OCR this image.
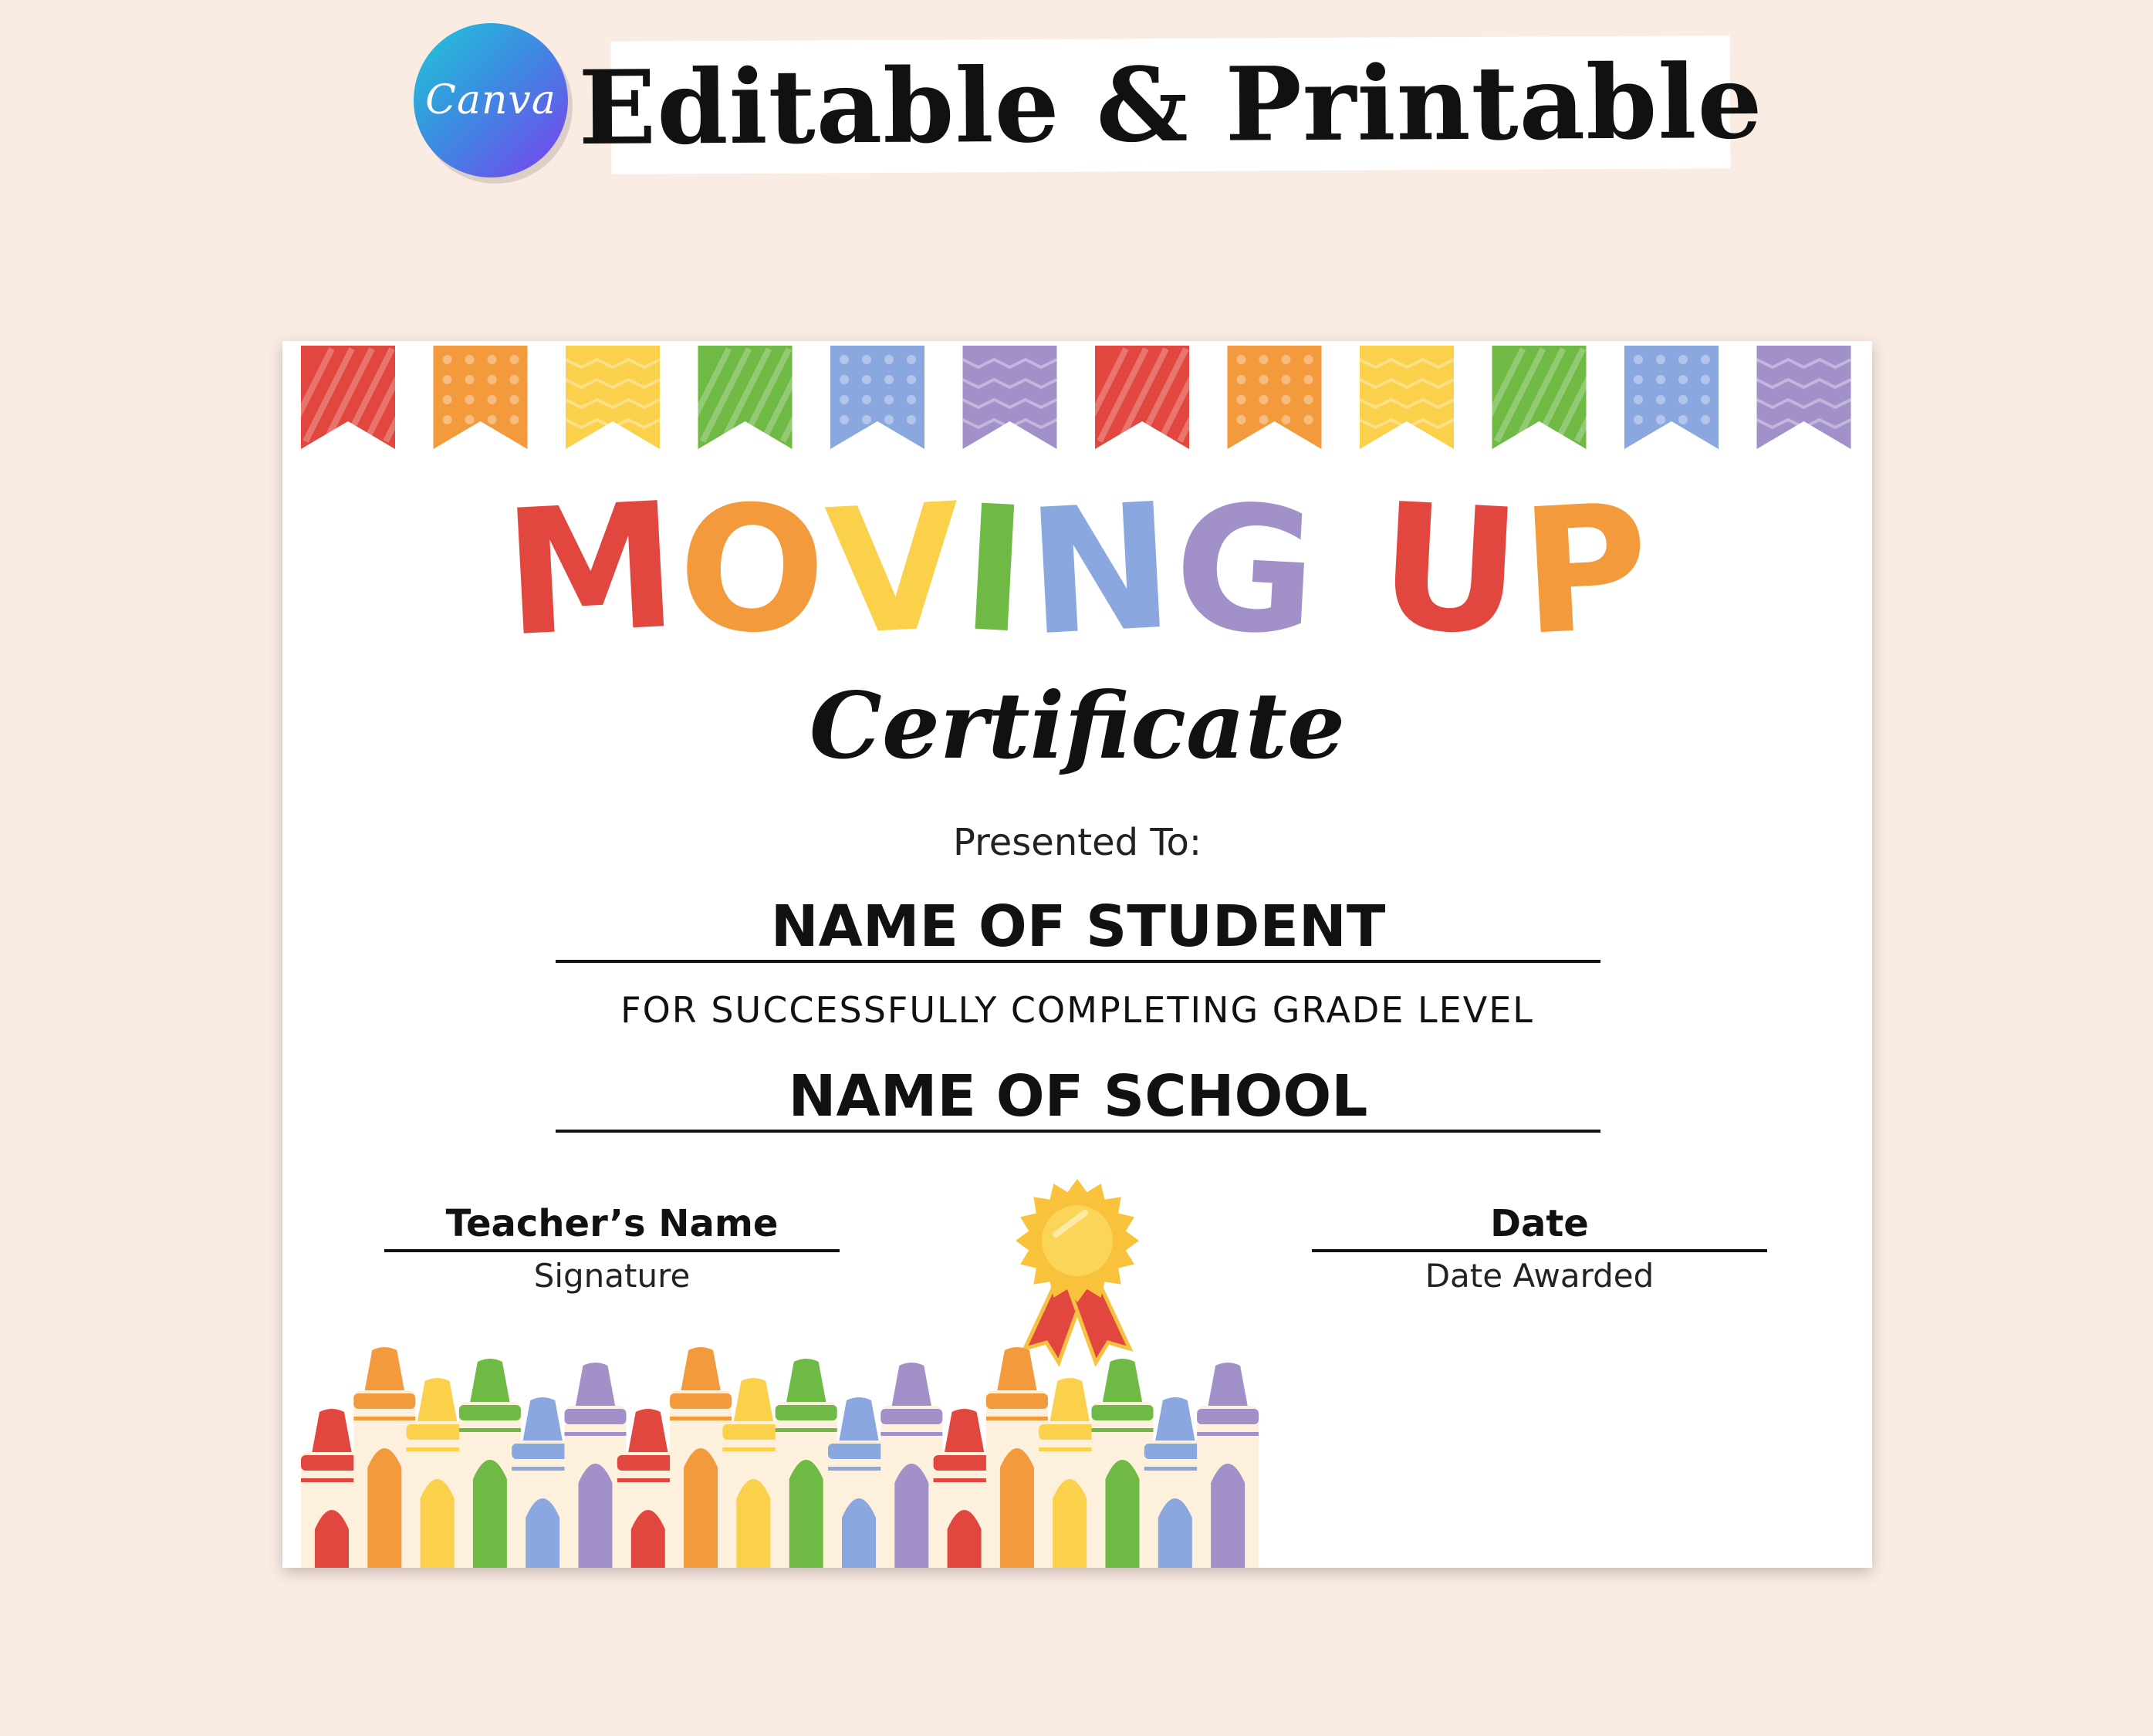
Canva Editable & Printable
MOVING UP
Certificate
Presented To:
NAME OF STUDENT
FOR SUCCESSFULLY COMPLETING GRADE LEVEL
NAME OF SCHOOL
Teacher’s Name
Signature
Date
Date Awarded
